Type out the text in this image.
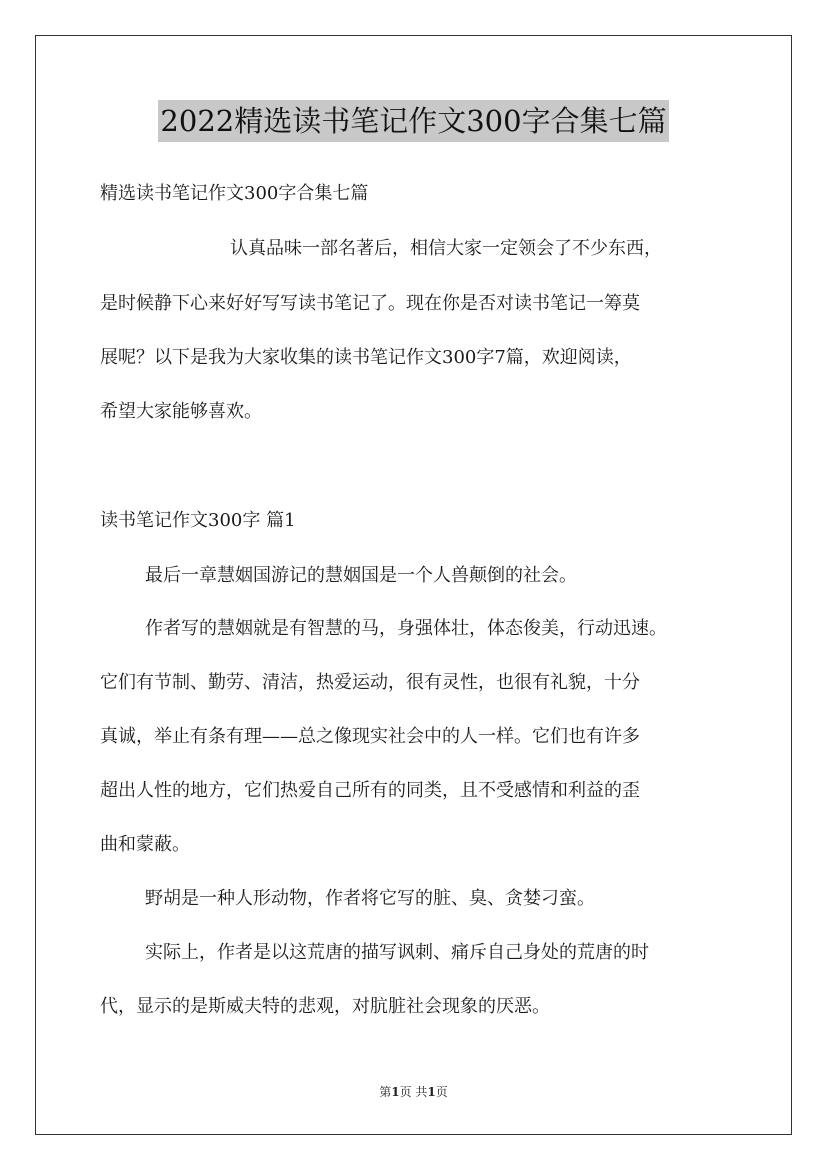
2022精选读书笔记作文300字合集七篇
精选读书笔记作文300字合集七篇
认真品味一部名著后，相信大家一定领会了不少东西，
是时候静下心来好好写写读书笔记了。现在你是否对读书笔记一筹莫
展呢？以下是我为大家收集的读书笔记作文300字7篇，欢迎阅读，
希望大家能够喜欢。
读书笔记作文300字 篇1
最后一章慧姻国游记的慧姻国是一个人兽颠倒的社会。
作者写的慧姻就是有智慧的马，身强体壮，体态俊美，行动迅速。
它们有节制、勤劳、清洁，热爱运动，很有灵性，也很有礼貌，十分
真诚，举止有条有理——总之像现实社会中的人一样。它们也有许多
超出人性的地方，它们热爱自己所有的同类，且不受感情和利益的歪
曲和蒙蔽。
野胡是一种人形动物，作者将它写的脏、臭、贪婪刁蛮。
实际上，作者是以这荒唐的描写讽刺、痛斥自己身处的荒唐的时
代，显示的是斯威夫特的悲观，对肮脏社会现象的厌恶。
第1页 共1页
